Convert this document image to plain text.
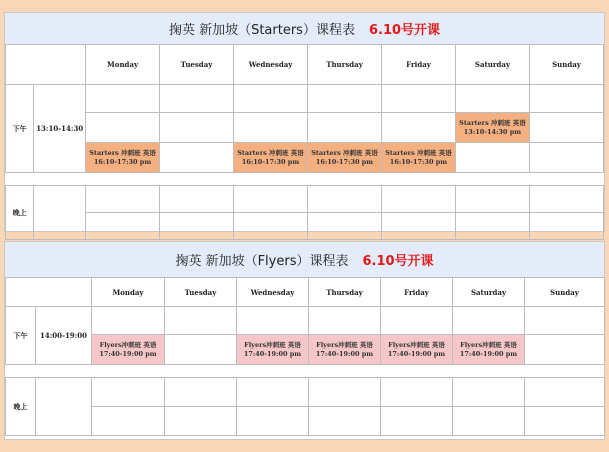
掬英 新加坡（Starters）课程表 6.10号开课
		Monday	Tuesday	Wednesday	Thursday	Friday	Saturday	Sunday
下午	13:10-14:30							

							Starters 冲刺班 英语
13:10-14:30 pm	

		Starters 冲刺班 英语
16:10-17:30 pm		Starters 冲刺班 英语
16:10-17:30 pm	Starters 冲刺班 英语
16:10-17:30 pm	Starters 冲刺班 英语
16:10-17:30 pm		

晚上								

掬英 新加坡（Flyers）课程表 6.10号开课
		Monday	Tuesday	Wednesday	Thursday	Friday	Saturday	Sunday
下午	14:00-19:00							

		Flyers冲刺班 英语
17:40-19:00 pm		Flyers冲刺班 英语
17:40-19:00 pm	Flyers冲刺班 英语
17:40-19:00 pm	Flyers冲刺班 英语
17:40-19:00 pm	Flyers冲刺班 英语
17:40-19:00 pm	

晚上								
